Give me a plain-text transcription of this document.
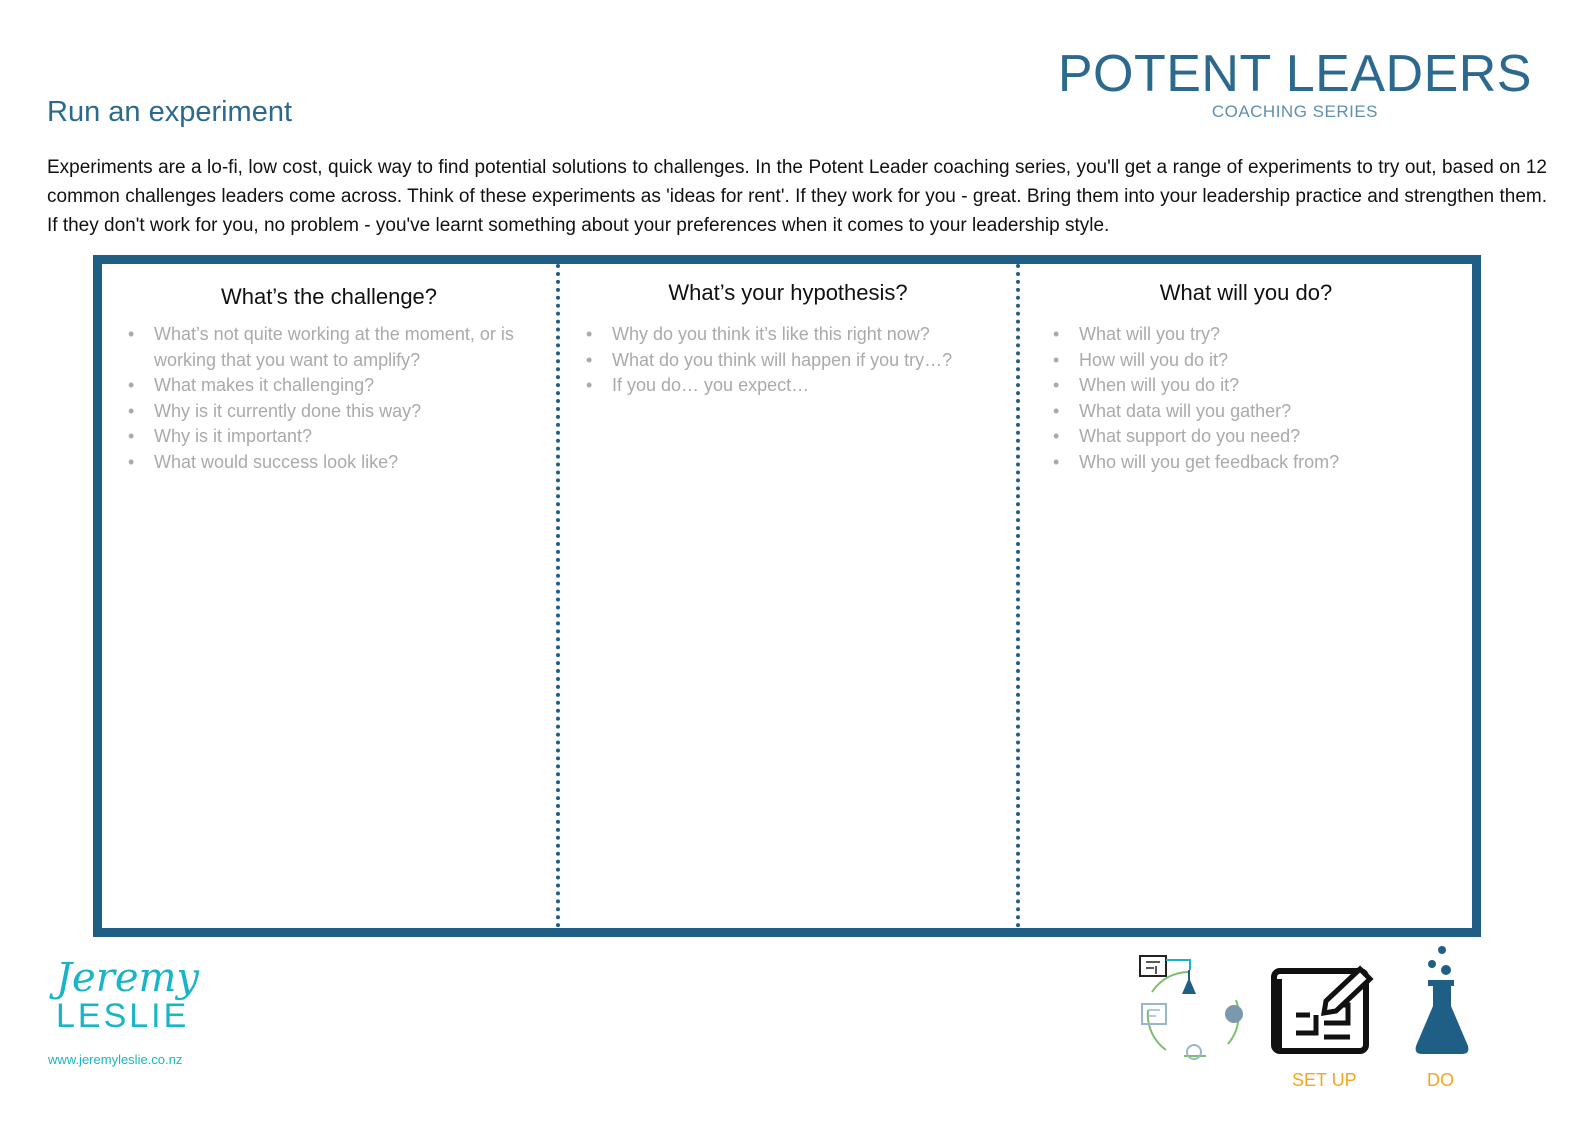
POTENT LEADERS
COACHING SERIES
Run an experiment

Experiments are a lo-fi, low cost, quick way to find potential solutions to challenges. In the Potent Leader coaching series, you'll get a range of experiments to try out, based on 12 common challenges leaders come across. Think of these experiments as 'ideas for rent'. If they work for you - great. Bring them into your leadership practice and strengthen them. If they don't work for you, no problem - you've learnt something about your preferences when it comes to your leadership style.

What’s the challenge?
• What’s not quite working at the moment, or is working that you want to amplify?
• What makes it challenging?
• Why is it currently done this way?
• Why is it important?
• What would success look like?
What’s your hypothesis?
• Why do you think it’s like this right now?
• What do you think will happen if you try…?
• If you do… you expect…
What will you do?
• What will you try?
• How will you do it?
• When will you do it?
• What data will you gather?
• What support do you need?
• Who will you get feedback from?
Jeremy
LESLIE

www.jeremyleslie.co.nz

SET UP	DO
